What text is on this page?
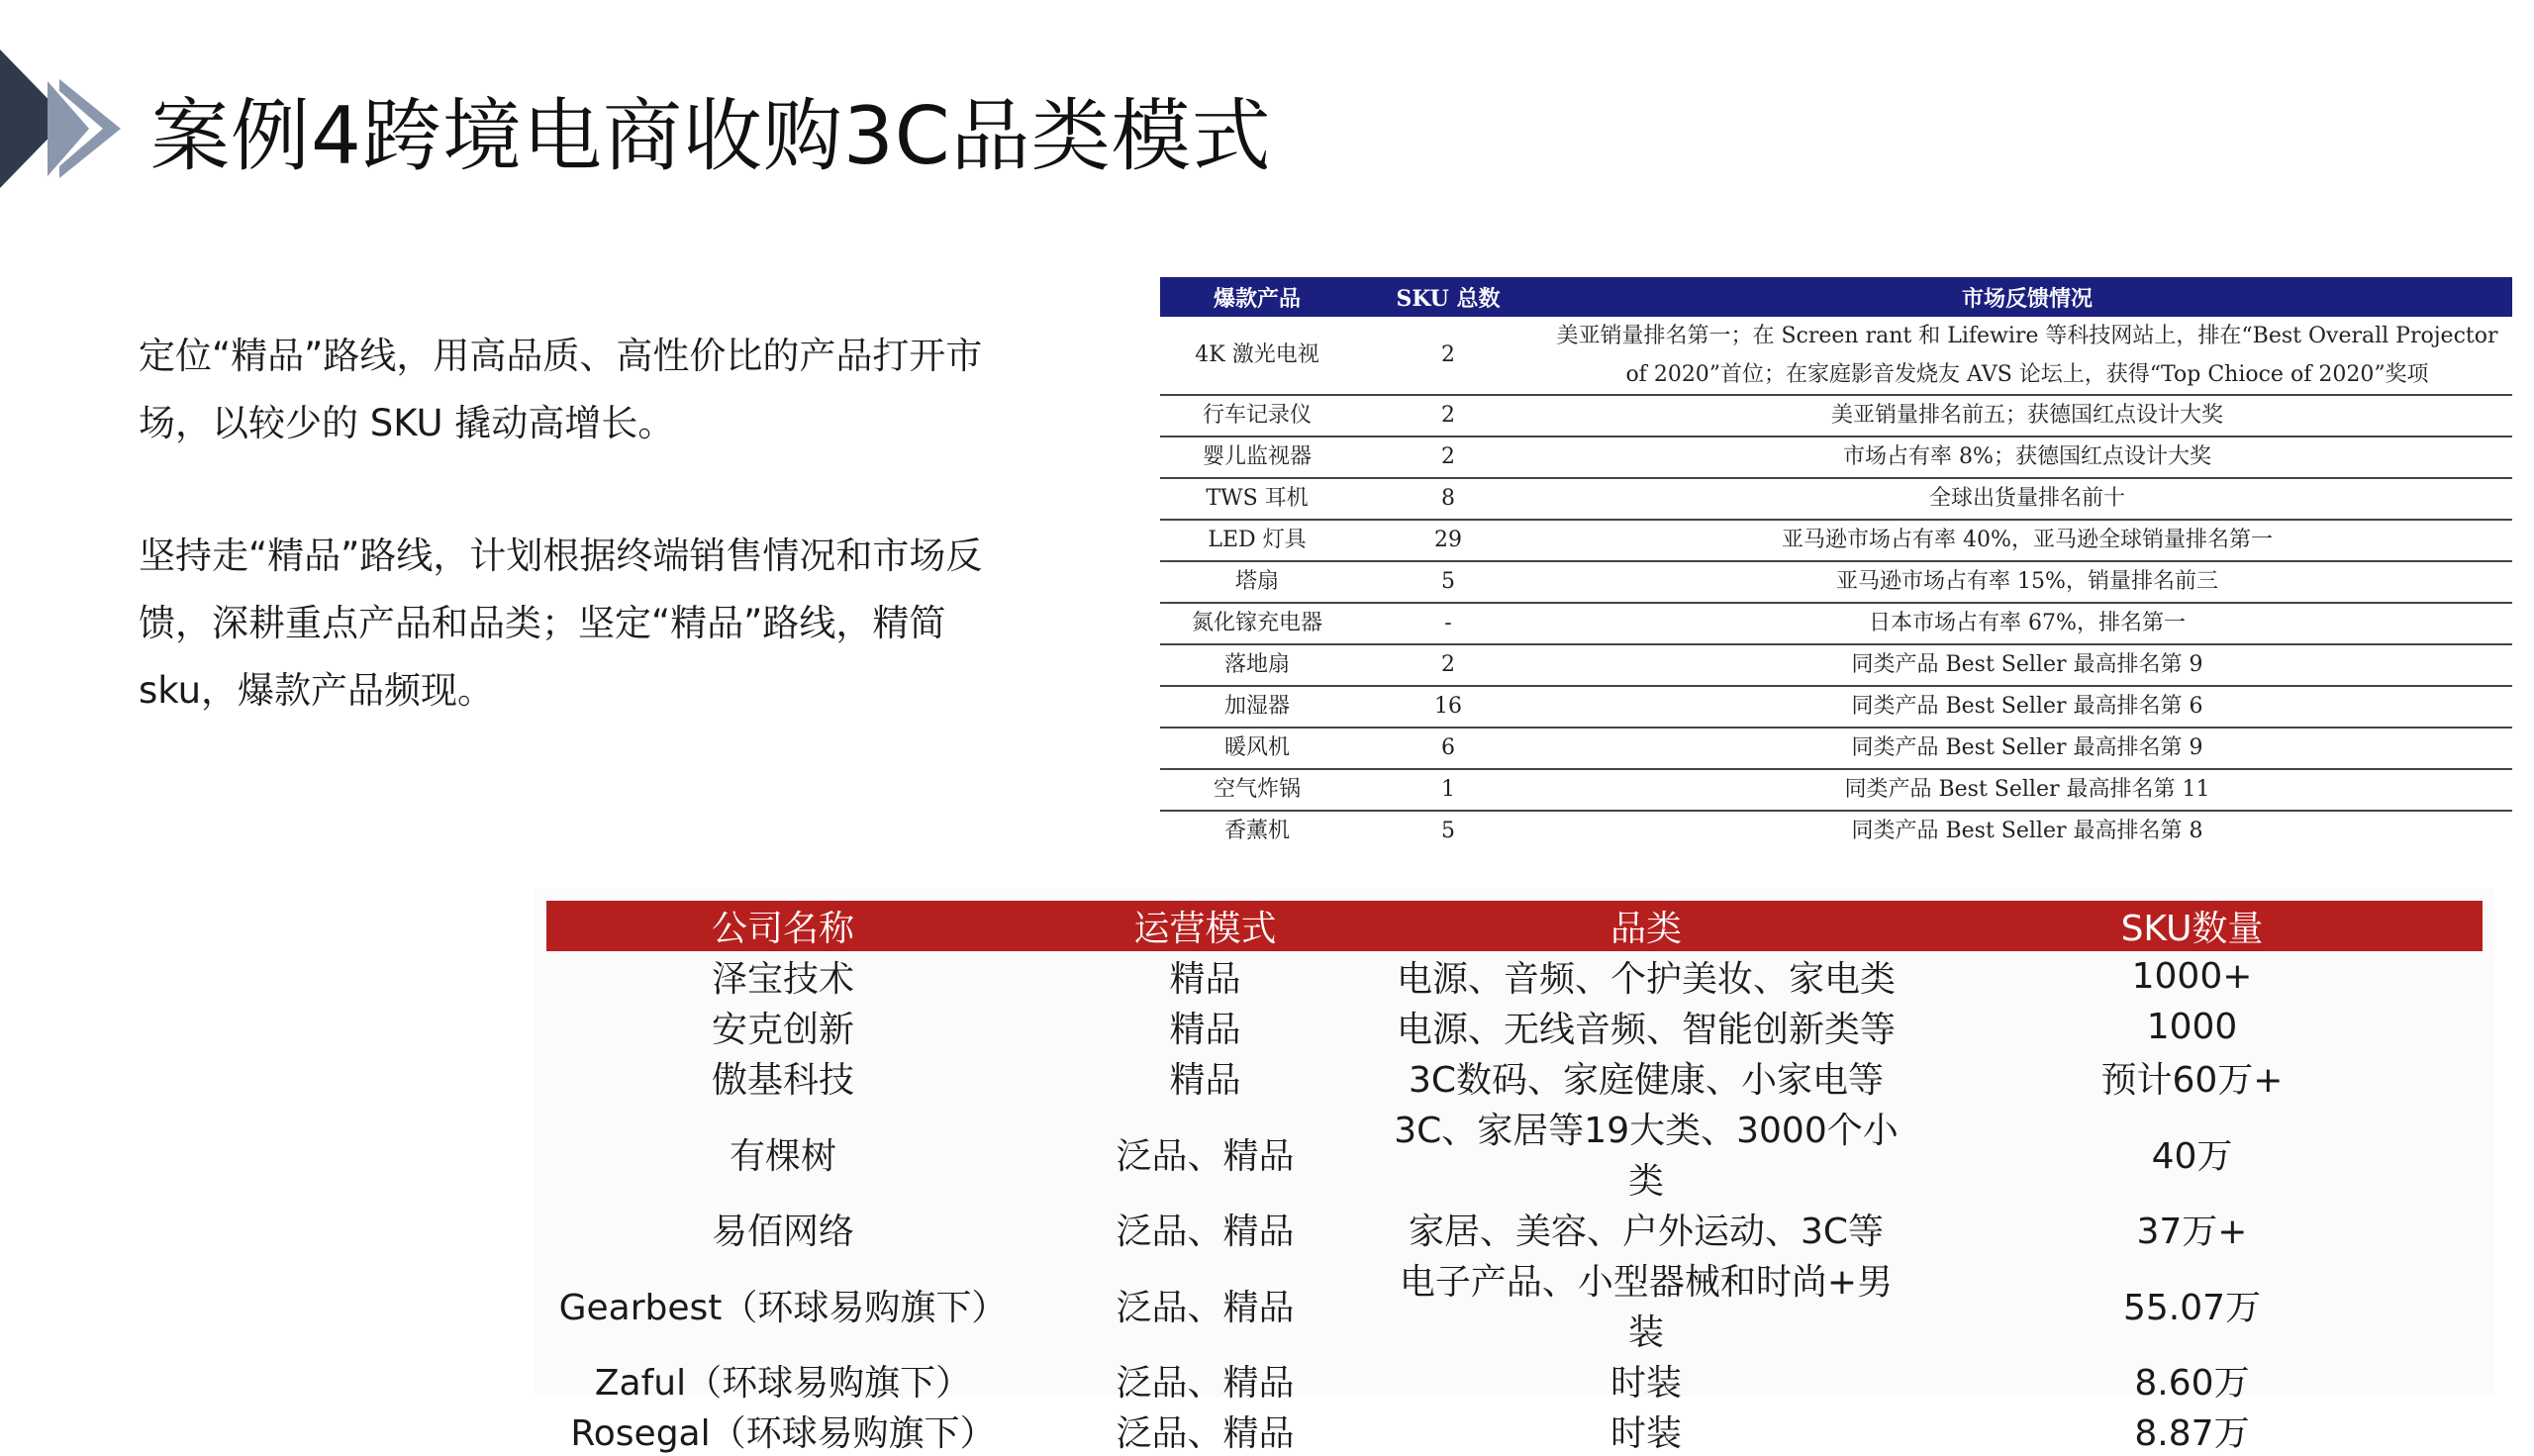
案例4跨境电商收购3C品类模式
定位“精品”路线，用高品质、高性价比的产品打开市场，以较少的 SKU 撬动高增长。
坚持走“精品”路线，计划根据终端销售情况和市场反馈，深耕重点产品和品类；坚定“精品”路线，精简 sku，爆款产品频现。
爆款产品	SKU 总数	市场反馈情况
4K 激光电视	2	美亚销量排名第一；在 Screen rant 和 Lifewire 等科技网站上，排在“Best Overall Projector of 2020”首位；在家庭影音发烧友 AVS 论坛上，获得“Top Chioce of 2020”奖项
行车记录仪	2	美亚销量排名前五；获德国红点设计大奖
婴儿监视器	2	市场占有率 8%；获德国红点设计大奖
TWS 耳机	8	全球出货量排名前十
LED 灯具	29	亚马逊市场占有率 40%，亚马逊全球销量排名第一
塔扇	5	亚马逊市场占有率 15%，销量排名前三
氮化镓充电器	-	日本市场占有率 67%，排名第一
落地扇	2	同类产品 Best Seller 最高排名第 9
加湿器	16	同类产品 Best Seller 最高排名第 6
暖风机	6	同类产品 Best Seller 最高排名第 9
空气炸锅	1	同类产品 Best Seller 最高排名第 11
香薰机	5	同类产品 Best Seller 最高排名第 8
公司名称	运营模式	品类	SKU数量
泽宝技术	精品	电源、音频、个护美妆、家电类	1000+
安克创新	精品	电源、无线音频、智能创新类等	1000
傲基科技	精品	3C数码、家庭健康、小家电等	预计60万+
有棵树	泛品、精品	3C、家居等19大类、3000个小类	40万
易佰网络	泛品、精品	家居、美容、户外运动、3C等	37万+
Gearbest（环球易购旗下）	泛品、精品	电子产品、小型器械和时尚+男装	55.07万
Zaful（环球易购旗下）	泛品、精品	时装	8.60万
Rosegal（环球易购旗下）	泛品、精品	时装	8.87万
